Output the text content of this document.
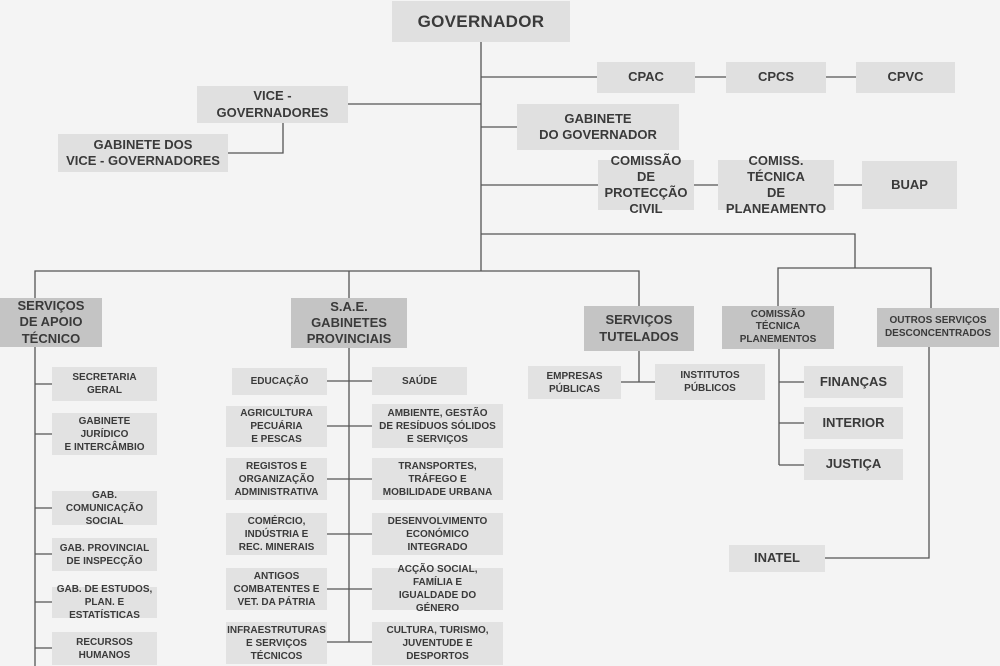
GOVERNADOR
CPAC	CPCS	CPVC
VICE - GOVERNADORES
GABINETE DOS
VICE - GOVERNADORES
GABINETE
DO GOVERNADOR
COMISSÃO DE
PROTECÇÃO
CIVIL
COMISS. TÉCNICA
DE
PLANEAMENTO
BUAP
SERVIÇOS
DE APOIO
TÉCNICO
S.A.E.
GABINETES
PROVINCIAIS
SERVIÇOS
TUTELADOS
COMISSÃO
TÉCNICA
PLANEMENTOS
OUTROS SERVIÇOS
DESCONCENTRADOS
SECRETARIA
GERAL
GABINETE JURÍDICO
E INTERCÂMBIO
GAB. COMUNICAÇÃO
SOCIAL
GAB. PROVINCIAL
DE INSPECÇÃO
GAB. DE ESTUDOS,
PLAN. E ESTATÍSTICAS
RECURSOS
HUMANOS
EDUCAÇÃO
AGRICULTURA
PECUÁRIA
E PESCAS
REGISTOS E
ORGANIZAÇÃO
ADMINISTRATIVA
COMÉRCIO,
INDÚSTRIA E
REC. MINERAIS
ANTIGOS
COMBATENTES E
VET. DA PÁTRIA
INFRAESTRUTURAS
E SERVIÇOS
TÉCNICOS
SAÚDE
AMBIENTE, GESTÃO
DE RESÍDUOS SÓLIDOS
E SERVIÇOS
TRANSPORTES,
TRÁFEGO E
MOBILIDADE URBANA
DESENVOLVIMENTO
ECONÓMICO
INTEGRADO
ACÇÃO SOCIAL,
FAMÍLIA E
IGUALDADE DO GÉNERO
CULTURA, TURISMO,
JUVENTUDE E
DESPORTOS
EMPRESAS
PÚBLICAS
INSTITUTOS
PÚBLICOS	FINANÇAS
INTERIOR
JUSTIÇA
INATEL
